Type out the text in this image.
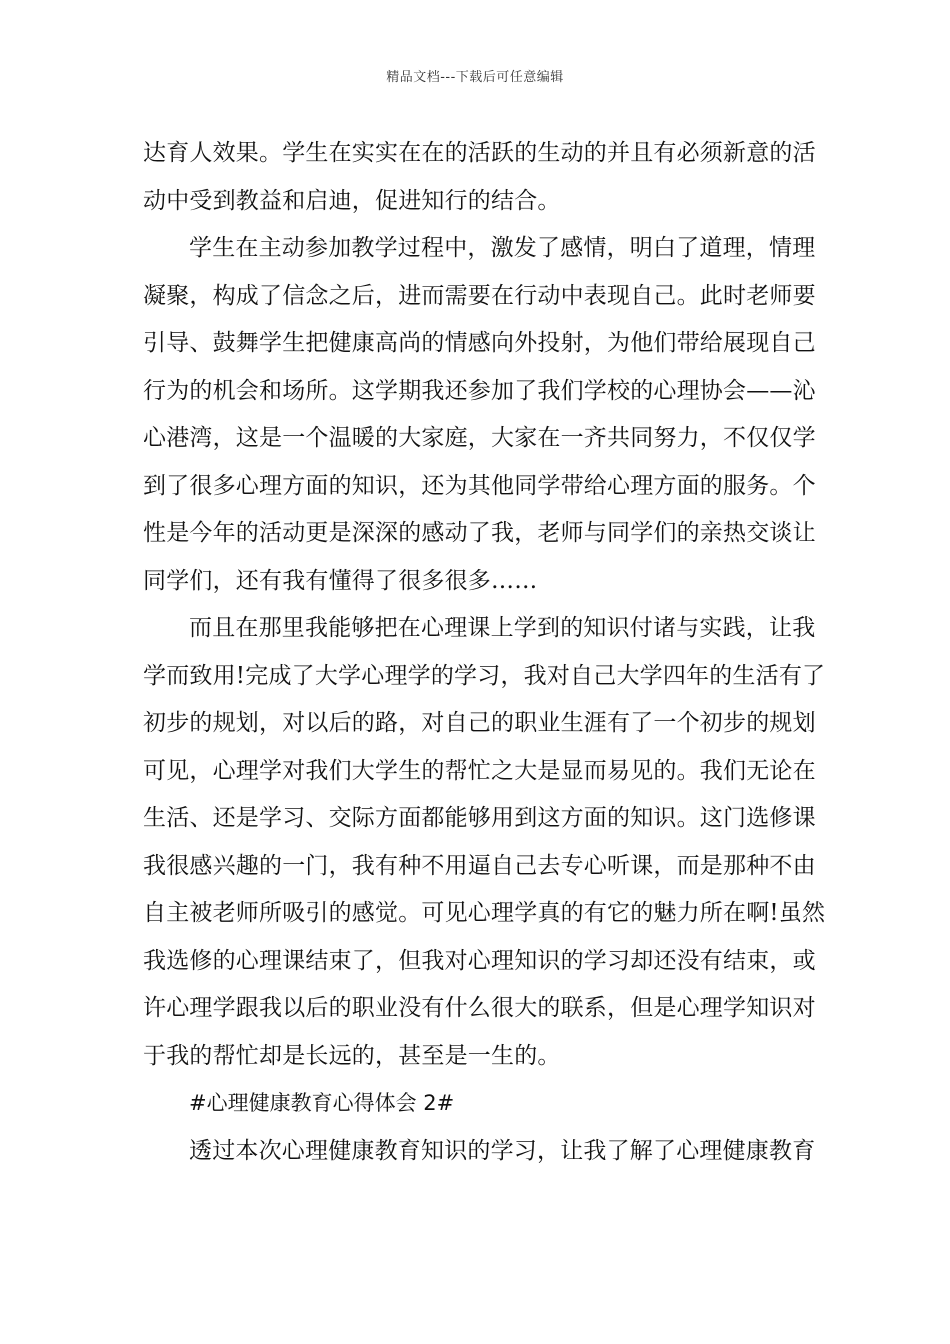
精品文档---下载后可任意编辑
达育人效果。学生在实实在在的活跃的生动的并且有必须新意的活
动中受到教益和启迪，促进知行的结合。
学生在主动参加教学过程中，激发了感情，明白了道理，情理
凝聚，构成了信念之后，进而需要在行动中表现自己。此时老师要
引导、鼓舞学生把健康高尚的情感向外投射，为他们带给展现自己
行为的机会和场所。这学期我还参加了我们学校的心理协会——沁
心港湾，这是一个温暖的大家庭，大家在一齐共同努力，不仅仅学
到了很多心理方面的知识，还为其他同学带给心理方面的服务。个
性是今年的活动更是深深的感动了我，老师与同学们的亲热交谈让
同学们，还有我有懂得了很多很多……
而且在那里我能够把在心理课上学到的知识付诸与实践，让我
学而致用!完成了大学心理学的学习，我对自己大学四年的生活有了
初步的规划，对以后的路，对自己的职业生涯有了一个初步的规划
可见，心理学对我们大学生的帮忙之大是显而易见的。我们无论在
生活、还是学习、交际方面都能够用到这方面的知识。这门选修课
我很感兴趣的一门，我有种不用逼自己去专心听课，而是那种不由
自主被老师所吸引的感觉。可见心理学真的有它的魅力所在啊!虽然
我选修的心理课结束了，但我对心理知识的学习却还没有结束，或
许心理学跟我以后的职业没有什么很大的联系，但是心理学知识对
于我的帮忙却是长远的，甚至是一生的。
#心理健康教育心得体会 2#
透过本次心理健康教育知识的学习，让我了解了心理健康教育
